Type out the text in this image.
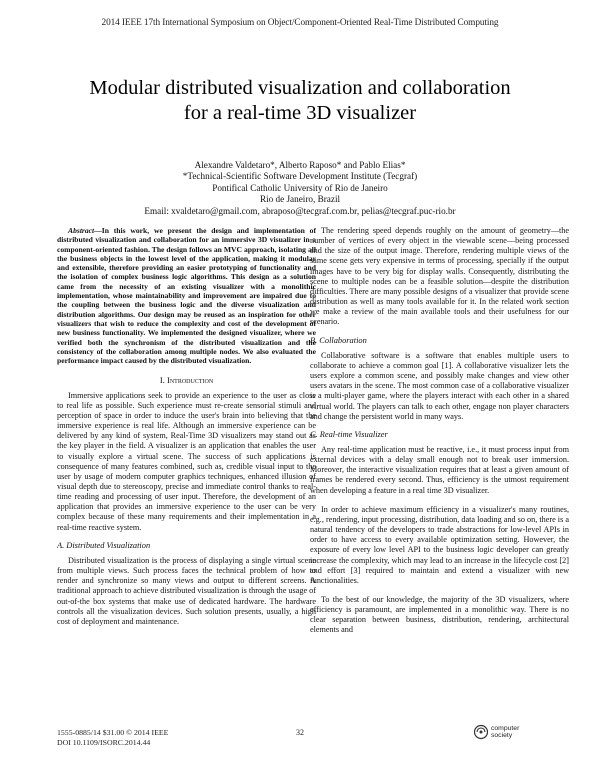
2014 IEEE 17th International Symposium on Object/Component-Oriented Real-Time Distributed Computing
Modular distributed visualization and collaboration
for a real-time 3D visualizer
Alexandre Valdetaro*, Alberto Raposo* and Pablo Elias*
*Technical-Scientific Software Development Institute (Tecgraf)
Pontifical Catholic University of Rio de Janeiro
Rio de Janeiro, Brazil
Email: xvaldetaro@gmail.com, abraposo@tecgraf.com.br, pelias@tecgraf.puc-rio.br

Abstract—In this work, we present the design and implementation of distributed visualization and collaboration for an immersive 3D visualizer in a component-oriented fashion. The design follows an MVC approach, isolating all the business objects in the lowest level of the application, making it modular and extensible, therefore providing an easier prototyping of functionality and the isolation of complex business logic algorithms. This design as a solution came from the necessity of an existing visualizer with a monolithic implementation, whose maintainability and improvement are impaired due to the coupling between the business logic and the diverse visualization and distribution algorithms. Our design may be reused as an inspiration for other visualizers that wish to reduce the complexity and cost of the development of new business functionality. We implemented the designed visualizer, where we verified both the synchronism of the distributed visualization and the consistency of the collaboration among multiple nodes. We also evaluated the performance impact caused by the distributed visualization.

I. Introduction

Immersive applications seek to provide an experience to the user as close to real life as possible. Such experience must re-create sensorial stimuli and perception of space in order to induce the user's brain into believing that the immersive experience is real life. Although an immersive experience can be delivered by any kind of system, Real-Time 3D visualizers may stand out as the key player in the field. A visualizer is an application that enables the user to visually explore a virtual scene. The success of such applications is consequence of many features combined, such as, credible visual input to the user by usage of modern computer graphics techniques, enhanced illusion of visual depth due to stereoscopy, precise and immediate control thanks to real-time reading and processing of user input. Therefore, the development of an application that provides an immersive experience to the user can be very complex because of these many requirements and their implementation in a real-time reactive system.

A. Distributed Visualization

Distributed visualization is the process of displaying a single virtual scene from multiple views. Such process faces the technical problem of how to render and synchronize so many views and output to different screens. A traditional approach to achieve distributed visualization is through the usage of out-of-the box systems that make use of dedicated hardware. The hardware controls all the visualization devices. Such solution presents, usually, a high cost of deployment and maintenance.

The rendering speed depends roughly on the amount of geometry—the number of vertices of every object in the viewable scene—being processed and the size of the output image. Therefore, rendering multiple views of the same scene gets very expensive in terms of processing, specially if the output images have to be very big for display walls. Consequently, distributing the scene to multiple nodes can be a feasible solution—despite the distribution difficulties. There are many possible designs of a visualizer that provide scene distribution as well as many tools available for it. In the related work section we make a review of the main available tools and their usefulness for our scenario.

B. Collaboration

Collaborative software is a software that enables multiple users to collaborate to achieve a common goal [1]. A collaborative visualizer lets the users explore a common scene, and possibly make changes and view other users avatars in the scene. The most common case of a collaborative visualizer is a multi-player game, where the players interact with each other in a shared virtual world. The players can talk to each other, engage non player characters and change the persistent world in many ways.

C. Real-time Visualizer

Any real-time application must be reactive, i.e., it must process input from external devices with a delay small enough not to break user immersion. Moreover, the interactive visualization requires that at least a given amount of frames be rendered every second. Thus, efficiency is the utmost requirement when developing a feature in a real time 3D visualizer.

In order to achieve maximum efficiency in a visualizer's many routines, e.g., rendering, input processing, distribution, data loading and so on, there is a natural tendency of the developers to trade abstractions for low-level APIs in order to have access to every available optimization setting. However, the exposure of every low level API to the business logic developer can greatly increase the complexity, which may lead to an increase in the lifecycle cost [2] and effort [3] required to maintain and extend a visualizer with new functionalities.

To the best of our knowledge, the majority of the 3D visualizers, where efficiency is paramount, are implemented in a monolithic way. There is no clear separation between business, distribution, rendering, architectural elements and

1555-0885/14 $31.00 © 2014 IEEE
DOI 10.1109/ISORC.2014.44
32	computer
society
